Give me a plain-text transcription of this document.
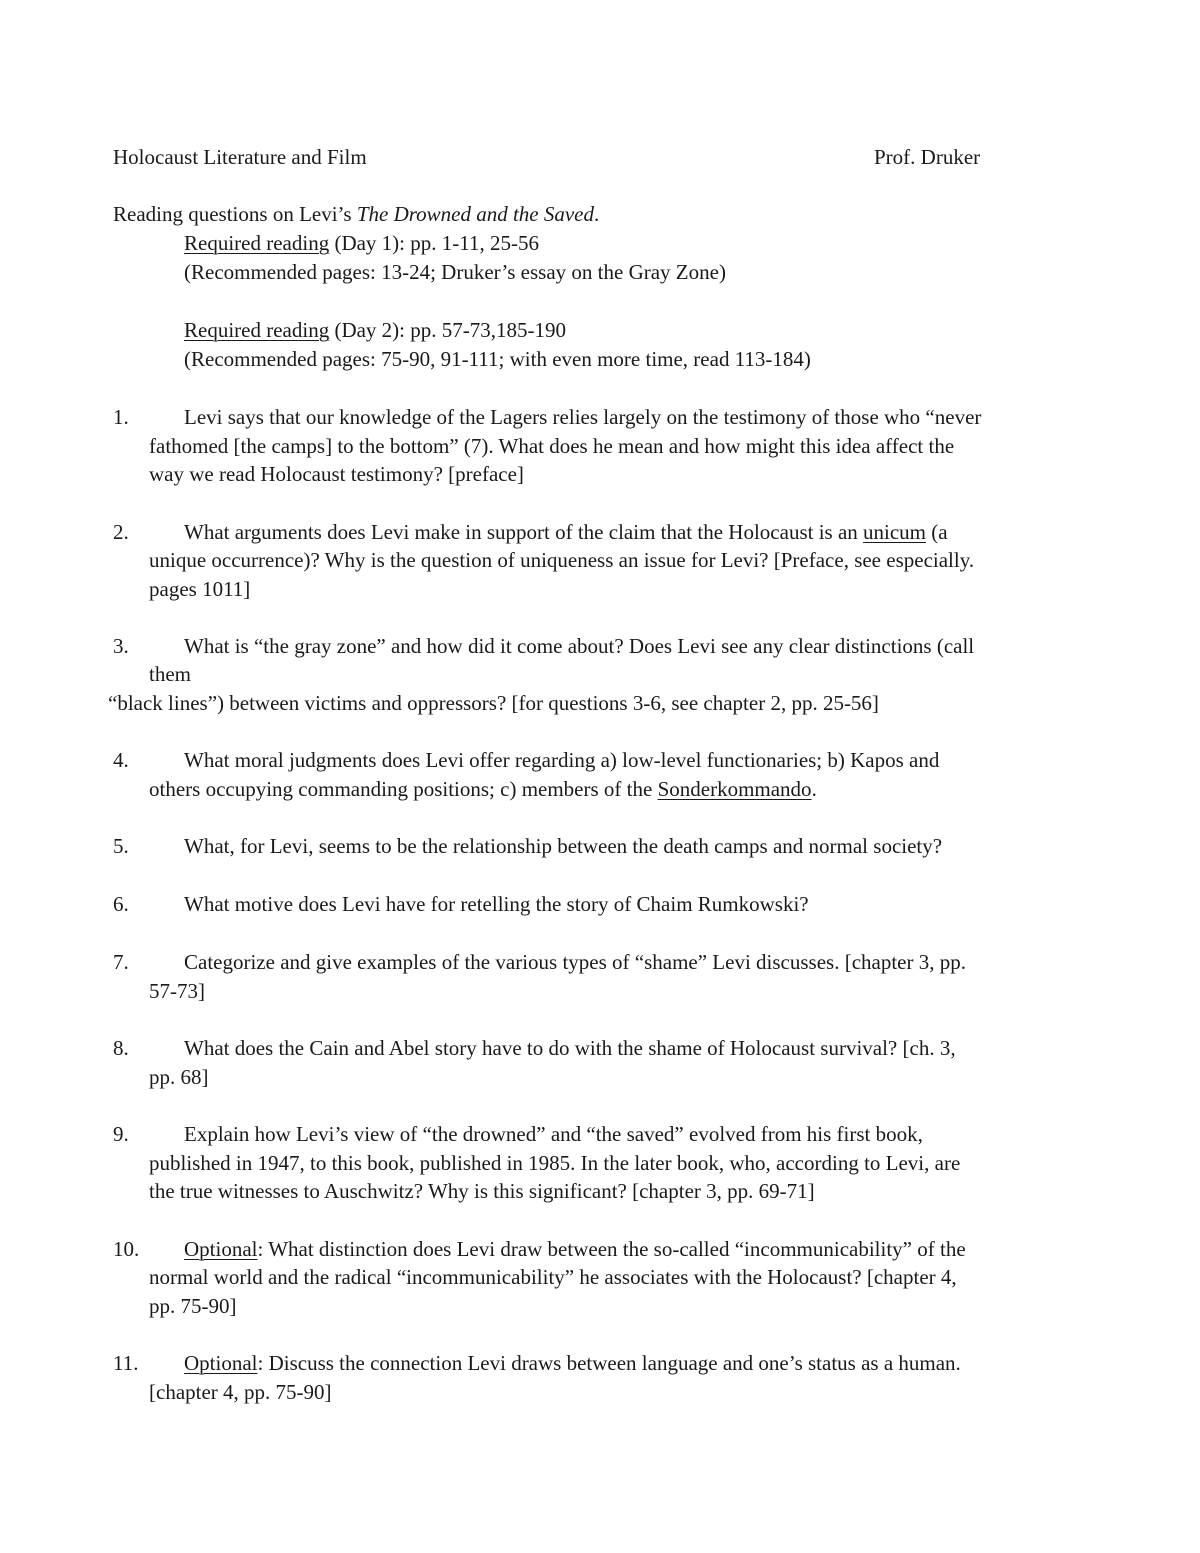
Holocaust Literature and Film	Prof. Druker
Reading questions on Levi’s The Drowned and the Saved.
Required reading (Day 1): pp. 1-11, 25-56
(Recommended pages: 13-24; Druker’s essay on the Gray Zone)
Required reading (Day 2): pp. 57-73,185-190
(Recommended pages: 75-90, 91-111; with even more time, read 113-184)
1.	Levi says that our knowledge of the Lagers relies largely on the testimony of those who “never
fathomed [the camps] to the bottom” (7). What does he mean and how might this idea affect the
way we read Holocaust testimony? [preface]
2.	What arguments does Levi make in support of the claim that the Holocaust is an unicum (a
unique occurrence)? Why is the question of uniqueness an issue for Levi? [Preface, see especially.
pages 1011]
3.	What is “the gray zone” and how did it come about? Does Levi see any clear distinctions (call
them
“black lines”) between victims and oppressors? [for questions 3-6, see chapter 2, pp. 25-56]
4.	What moral judgments does Levi offer regarding a) low-level functionaries; b) Kapos and
others occupying commanding positions; c) members of the Sonderkommando.
5.	What, for Levi, seems to be the relationship between the death camps and normal society?
6.	What motive does Levi have for retelling the story of Chaim Rumkowski?
7.	Categorize and give examples of the various types of “shame” Levi discusses. [chapter 3, pp.
57-73]
8.	What does the Cain and Abel story have to do with the shame of Holocaust survival? [ch. 3,
pp. 68]
9.	Explain how Levi’s view of “the drowned” and “the saved” evolved from his first book,
published in 1947, to this book, published in 1985. In the later book, who, according to Levi, are
the true witnesses to Auschwitz? Why is this significant? [chapter 3, pp. 69-71]
10. Optional: What distinction does Levi draw between the so-called “incommunicability” of the
normal world and the radical “incommunicability” he associates with the Holocaust? [chapter 4,
pp. 75-90]
11. Optional: Discuss the connection Levi draws between language and one’s status as a human.
[chapter 4, pp. 75-90]
